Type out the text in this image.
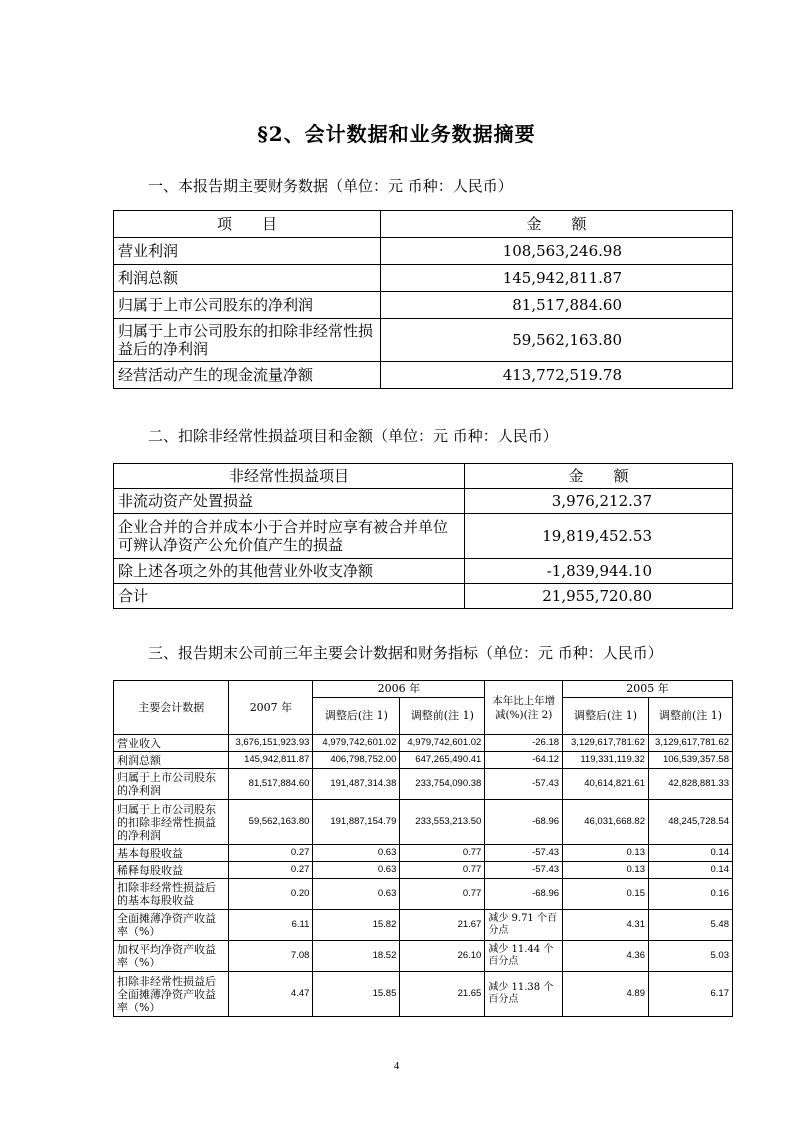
§2、会计数据和业务数据摘要
一、本报告期主要财务数据（单位：元 币种：人民币）
项　　目	金　　额
营业利润	108,563,246.98
利润总额	145,942,811.87
归属于上市公司股东的净利润	81,517,884.60
归属于上市公司股东的扣除非经常性损益后的净利润	59,562,163.80
经营活动产生的现金流量净额	413,772,519.78
二、扣除非经常性损益项目和金额（单位：元 币种：人民币）
非经常性损益项目	金　　额
非流动资产处置损益	3,976,212.37
企业合并的合并成本小于合并时应享有被合并单位可辨认净资产公允价值产生的损益	19,819,452.53
除上述各项之外的其他营业外收支净额	-1,839,944.10
合计	21,955,720.80
三、报告期末公司前三年主要会计数据和财务指标（单位：元 币种：人民币）
主要会计数据	2007 年	2006 年		本年比上年增减(%)(注 2)	2005 年	
		调整后(注 1)	调整前(注 1)		调整后(注 1)	调整前(注 1)
营业收入	3,676,151,923.93	4,979,742,601.02	4,979,742,601.02	-26.18	3,129,617,781.62	3,129,617,781.62
利润总额	145,942,811.87	406,798,752.00	647,265,490.41	-64.12	119,331,119.32	106,539,357.58
归属于上市公司股东的净利润	81,517,884.60	191,487,314.38	233,754,090.38	-57.43	40,614,821.61	42,828,881.33
归属于上市公司股东的扣除非经常性损益的净利润	59,562,163.80	191,887,154.79	233,553,213.50	-68.96	46,031,668.82	48,245,728.54
基本每股收益	0.27	0.63	0.77	-57.43	0.13	0.14
稀释每股收益	0.27	0.63	0.77	-57.43	0.13	0.14
扣除非经常性损益后的基本每股收益	0.20	0.63	0.77	-68.96	0.15	0.16
全面摊薄净资产收益率（%）	6.11	15.82	21.67	减少 9.71 个百分点	4.31	5.48
加权平均净资产收益率（%）	7.08	18.52	26.10	减少 11.44 个百分点	4.36	5.03
扣除非经常性损益后全面摊薄净资产收益率（%）	4.47	15.85	21.65	减少 11.38 个百分点	4.89	6.17
4
